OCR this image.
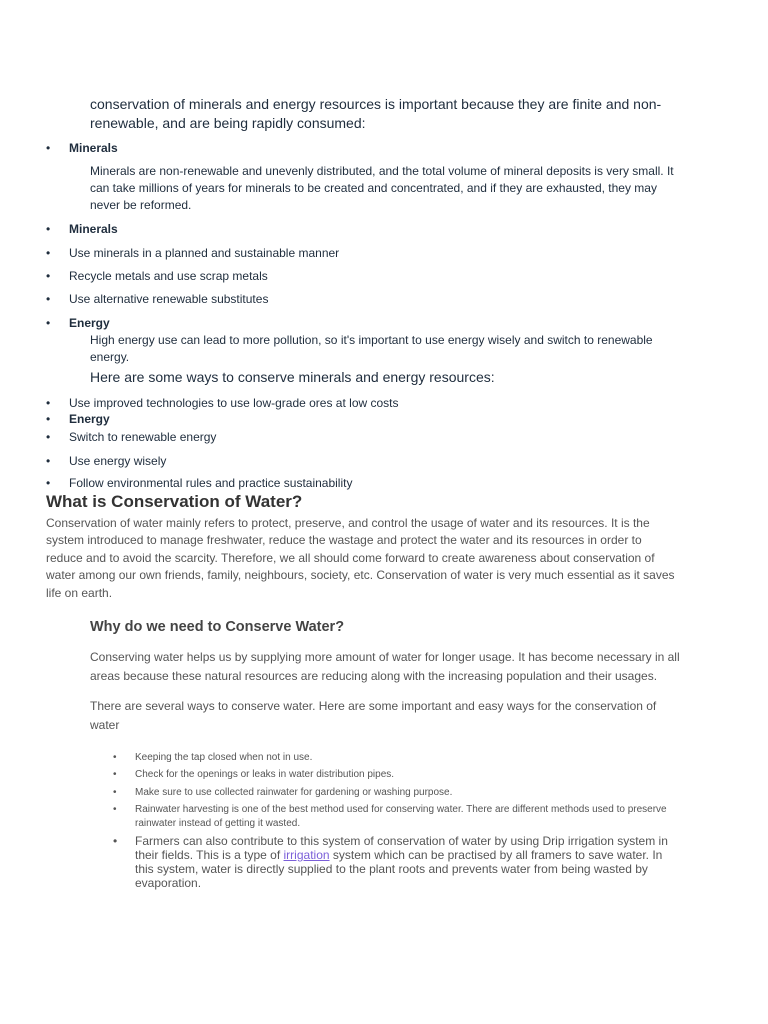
conservation of minerals and energy resources is important because they are finite and non-renewable, and are being rapidly consumed:
•	Minerals
Minerals are non-renewable and unevenly distributed, and the total volume of mineral deposits is very small. It can take millions of years for minerals to be created and concentrated, and if they are exhausted, they may never be reformed.
•	Minerals
•	Use minerals in a planned and sustainable manner
•	Recycle metals and use scrap metals
•	Use alternative renewable substitutes
•	Energy
High energy use can lead to more pollution, so it's important to use energy wisely and switch to renewable energy.
Here are some ways to conserve minerals and energy resources:
•	Use improved technologies to use low-grade ores at low costs
•	Energy
•	Switch to renewable energy
•	Use energy wisely
•	Follow environmental rules and practice sustainability
What is Conservation of Water?
Conservation of water mainly refers to protect, preserve, and control the usage of water and its resources. It is the system introduced to manage freshwater, reduce the wastage and protect the water and its resources in order to reduce and to avoid the scarcity. Therefore, we all should come forward to create awareness about conservation of water among our own friends, family, neighbours, society, etc. Conservation of water is very much essential as it saves life on earth.
Why do we need to Conserve Water?
Conserving water helps us by supplying more amount of water for longer usage. It has become necessary in all areas because these natural resources are reducing along with the increasing population and their usages.
There are several ways to conserve water. Here are some important and easy ways for the conservation of water
• Keeping the tap closed when not in use.
• Check for the openings or leaks in water distribution pipes.
• Make sure to use collected rainwater for gardening or washing purpose.
• Rainwater harvesting is one of the best method used for conserving water. There are different methods used to preserve rainwater instead of getting it wasted.
• Farmers can also contribute to this system of conservation of water by using Drip irrigation system in their fields. This is a type of irrigation system which can be practised by all framers to save water. In this system, water is directly supplied to the plant roots and prevents water from being wasted by evaporation.
